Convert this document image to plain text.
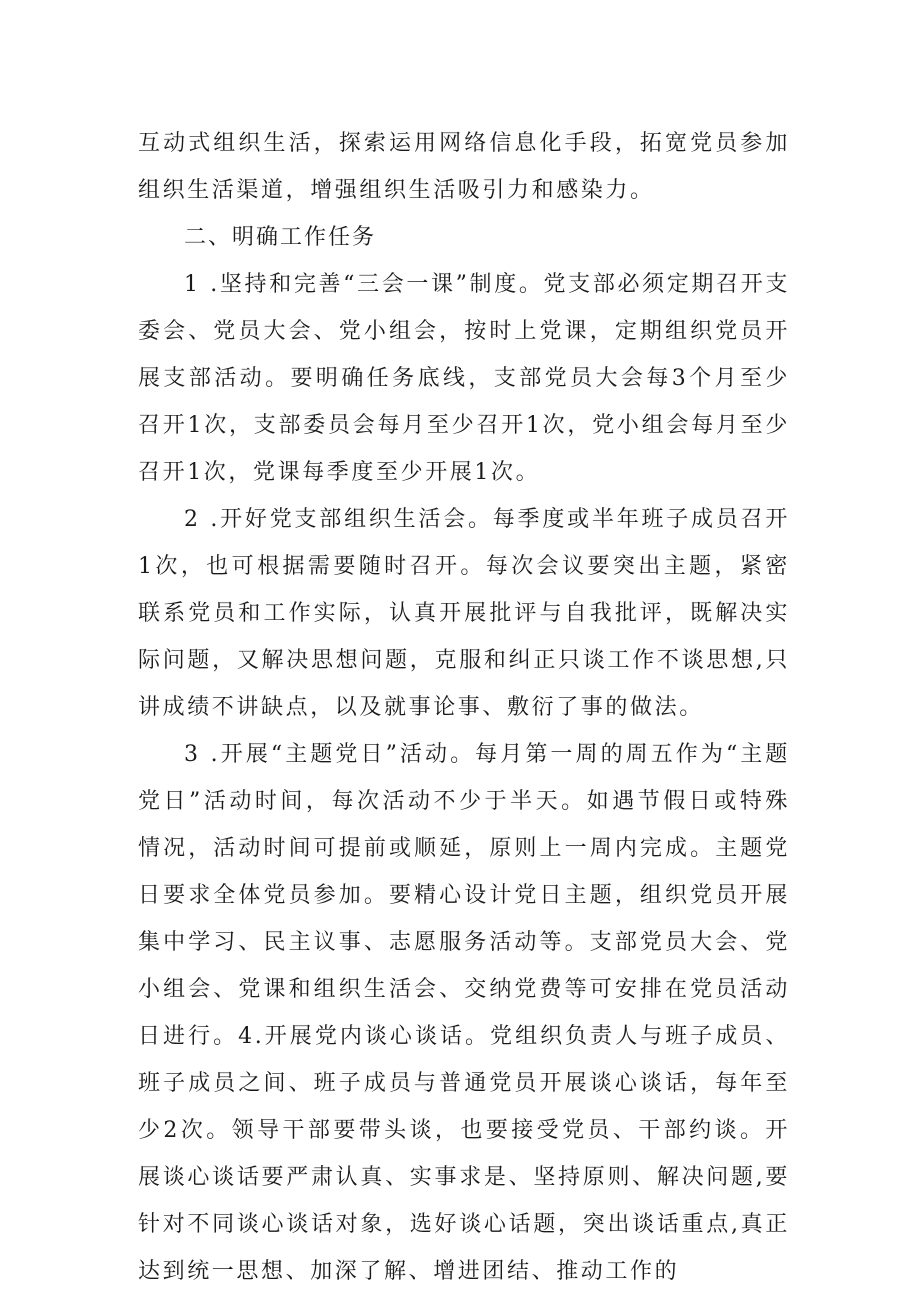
互动式组织生活，探索运用网络信息化手段，拓宽党员参加组织生活渠道，增强组织生活吸引力和感染力。

二、明确工作任务

1 .坚持和完善“三会一课”制度。党支部必须定期召开支委会、党员大会、党小组会，按时上党课，定期组织党员开展支部活动。要明确任务底线，支部党员大会每3个月至少召开1次，支部委员会每月至少召开1次，党小组会每月至少召开1次，党课每季度至少开展1次。

2 .开好党支部组织生活会。每季度或半年班子成员召开1次，也可根据需要随时召开。每次会议要突出主题，紧密联系党员和工作实际，认真开展批评与自我批评，既解决实际问题，又解决思想问题，克服和纠正只谈工作不谈思想,只讲成绩不讲缺点，以及就事论事、敷衍了事的做法。

3 .开展“主题党日”活动。每月第一周的周五作为“主题党日”活动时间，每次活动不少于半天。如遇节假日或特殊情况，活动时间可提前或顺延，原则上一周内完成。主题党日要求全体党员参加。要精心设计党日主题，组织党员开展集中学习、民主议事、志愿服务活动等。支部党员大会、党小组会、党课和组织生活会、交纳党费等可安排在党员活动日进行。4.开展党内谈心谈话。党组织负责人与班子成员、班子成员之间、班子成员与普通党员开展谈心谈话，每年至少2次。领导干部要带头谈，也要接受党员、干部约谈。开展谈心谈话要严肃认真、实事求是、坚持原则、解决问题,要针对不同谈心谈话对象，选好谈心话题，突出谈话重点,真正达到统一思想、加深了解、增进团结、推动工作的
